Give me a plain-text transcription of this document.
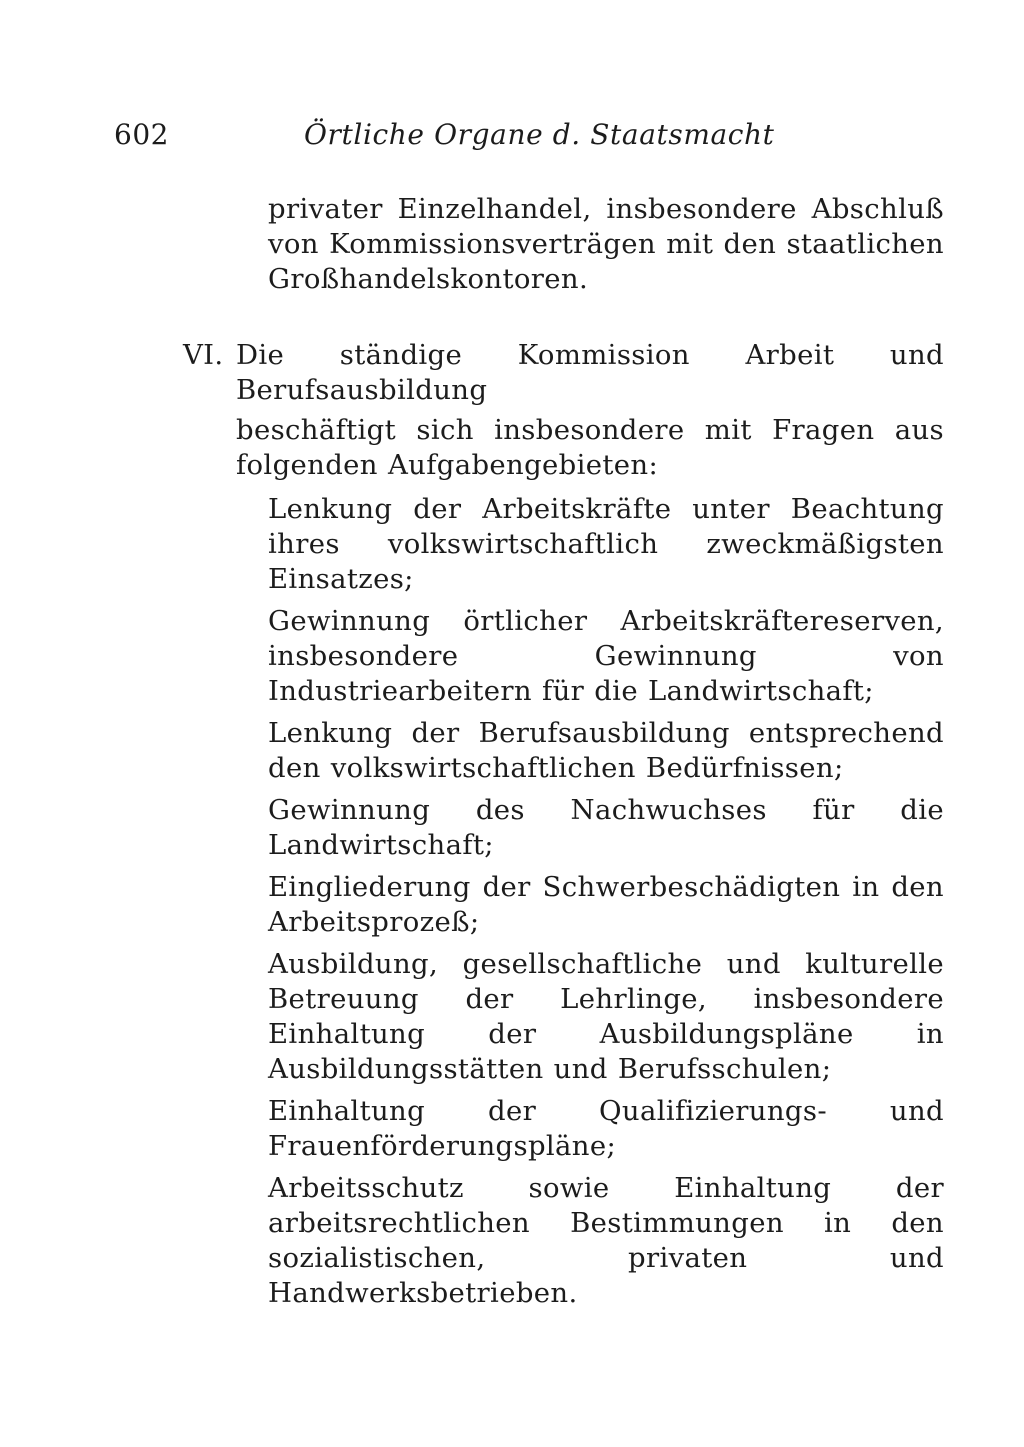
602	Örtliche Organe d. Staatsmacht
privater Einzelhandel, insbesondere Abschluß von Kommissionsverträgen mit den staatlichen Großhandelskontoren.
VI. Die ständige Kommission Arbeit und Berufsausbildung
beschäftigt sich insbesondere mit Fragen aus folgenden Aufgabengebieten:
Lenkung der Arbeitskräfte unter Beachtung ihres volkswirtschaftlich zweckmäßigsten Einsatzes;
Gewinnung örtlicher Arbeitskräftereserven, insbesondere Gewinnung von Industriearbeitern für die Landwirtschaft;
Lenkung der Berufsausbildung entsprechend den volkswirtschaftlichen Bedürfnissen;
Gewinnung des Nachwuchses für die Landwirtschaft;
Eingliederung der Schwerbeschädigten in den Arbeitsprozeß;
Ausbildung, gesellschaftliche und kulturelle Betreuung der Lehrlinge, insbesondere Einhaltung der Ausbildungspläne in Ausbildungsstätten und Berufsschulen;
Einhaltung der Qualifizierungs- und Frauenförderungspläne;
Arbeitsschutz sowie Einhaltung der arbeitsrechtlichen Bestimmungen in den sozialistischen, privaten und Handwerksbetrieben.
